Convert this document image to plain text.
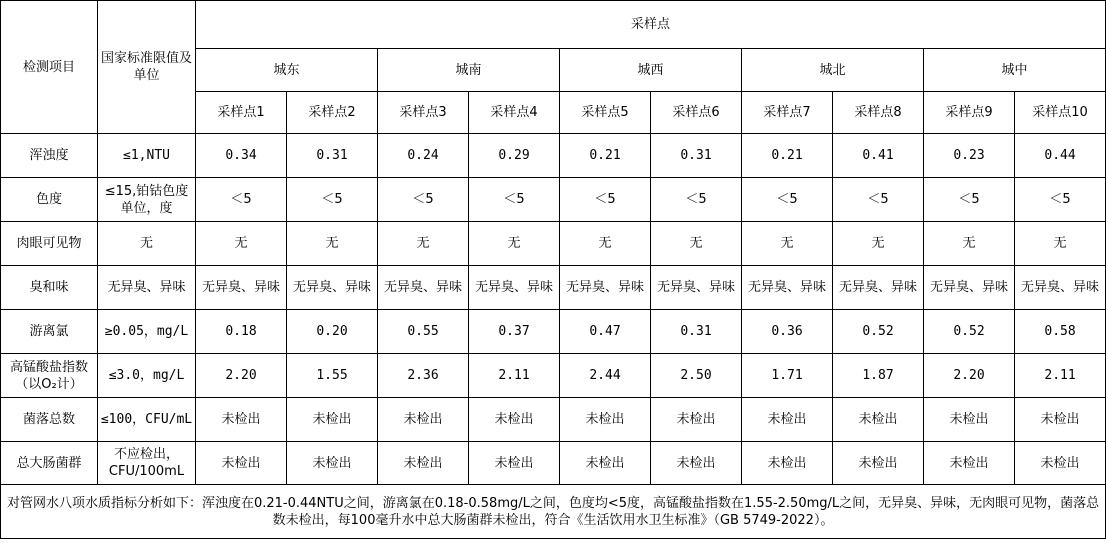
检测项目	国家标准限值及单位	采样点									
		城东		城南		城西		城北		城中	
		采样点1	采样点2	采样点3	采样点4	采样点5	采样点6	采样点7	采样点8	采样点9	采样点10
浑浊度	≤1,NTU	0.34	0.31	0.24	0.29	0.21	0.31	0.21	0.41	0.23	0.44
色度	≤15,铂钴色度单位，度	＜5	＜5	＜5	＜5	＜5	＜5	＜5	＜5	＜5	＜5
肉眼可见物	无	无	无	无	无	无	无	无	无	无	无
臭和味	无异臭、异味	无异臭、异味	无异臭、异味	无异臭、异味	无异臭、异味	无异臭、异味	无异臭、异味	无异臭、异味	无异臭、异味	无异臭、异味	无异臭、异味
游离氯	≥0.05，mg/L	0.18	0.20	0.55	0.37	0.47	0.31	0.36	0.52	0.52	0.58
高锰酸盐指数（以O₂计）	≤3.0，mg/L	2.20	1.55	2.36	2.11	2.44	2.50	1.71	1.87	2.20	2.11
菌落总数	≤100，CFU/mL	未检出	未检出	未检出	未检出	未检出	未检出	未检出	未检出	未检出	未检出
总大肠菌群	不应检出，CFU/100mL	未检出	未检出	未检出	未检出	未检出	未检出	未检出	未检出	未检出	未检出
对管网水八项水质指标分析如下：浑浊度在0.21-0.44NTU之间，游离氯在0.18-0.58mg/L之间，色度均<5度，高锰酸盐指数在1.55-2.50mg/L之间，无异臭、异味，无肉眼可见物，菌落总数未检出，每100毫升水中总大肠菌群未检出，符合《生活饮用水卫生标准》（GB 5749-2022）。											
